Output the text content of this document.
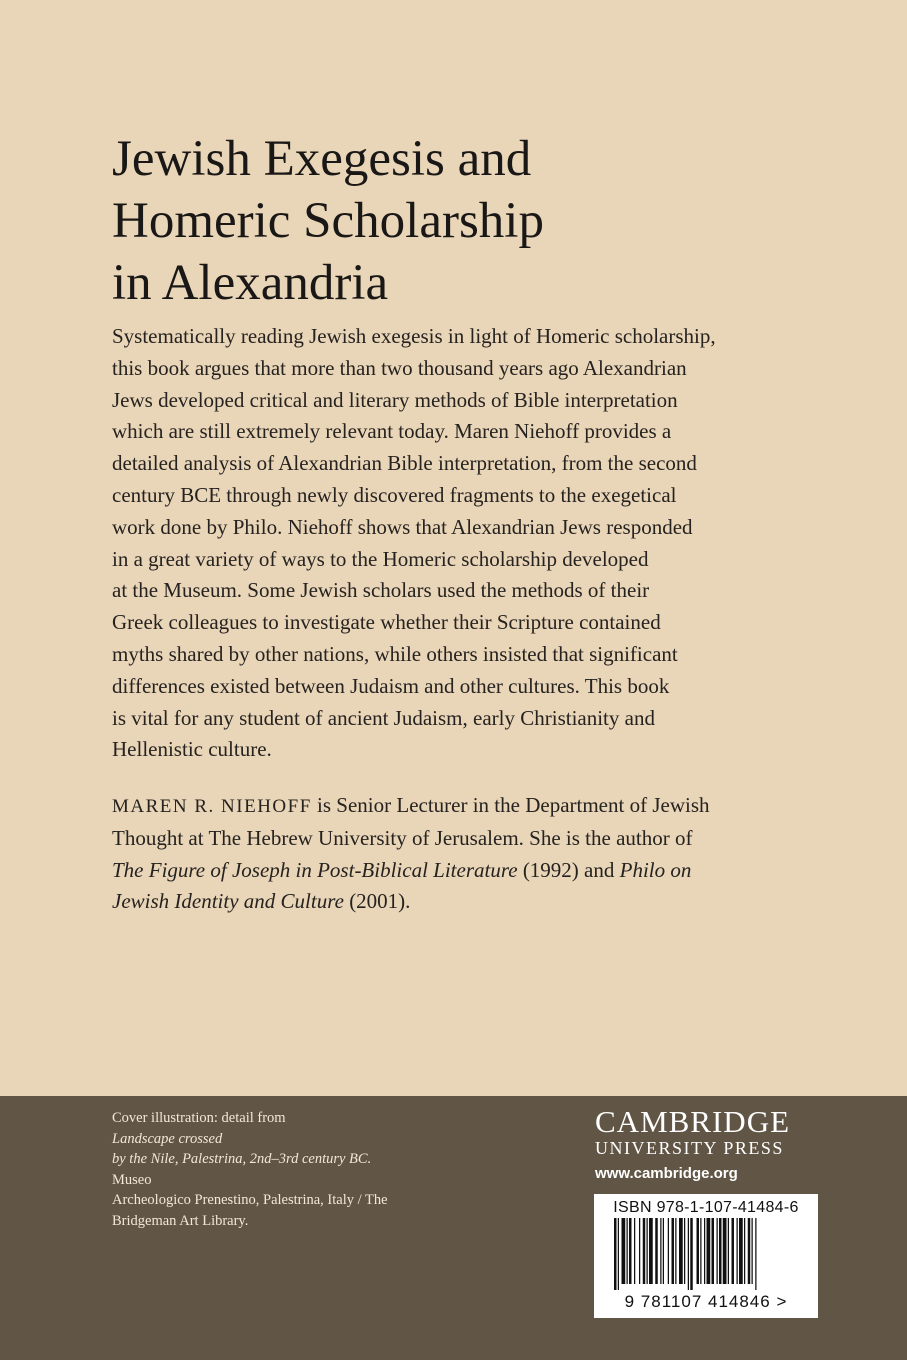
Jewish Exegesis and
Homeric Scholarship
in Alexandria

Systematically reading Jewish exegesis in light of Homeric scholarship,
this book argues that more than two thousand years ago Alexandrian
Jews developed critical and literary methods of Bible interpretation
which are still extremely relevant today. Maren Niehoff provides a
detailed analysis of Alexandrian Bible interpretation, from the second
century BCE through newly discovered fragments to the exegetical
work done by Philo. Niehoff shows that Alexandrian Jews responded
in a great variety of ways to the Homeric scholarship developed
at the Museum. Some Jewish scholars used the methods of their
Greek colleagues to investigate whether their Scripture contained
myths shared by other nations, while others insisted that significant
differences existed between Judaism and other cultures. This book
is vital for any student of ancient Judaism, early Christianity and
Hellenistic culture.

MAREN R. NIEHOFF is Senior Lecturer in the Department of Jewish
Thought at The Hebrew University of Jerusalem. She is the author of
The Figure of Joseph in Post-Biblical Literature (1992) and Philo on
Jewish Identity and Culture (2001).

Cover illustration: detail from
Landscape crossed
by the Nile, Palestrina, 2nd–3rd century BC.
Museo
Archeologico Prenestino, Palestrina, Italy / The
Bridgeman Art Library.
CAMBRIDGE
UNIVERSITY PRESS
www.cambridge.org
ISBN 978-1-107-41484-6
9 781107 414846 >
